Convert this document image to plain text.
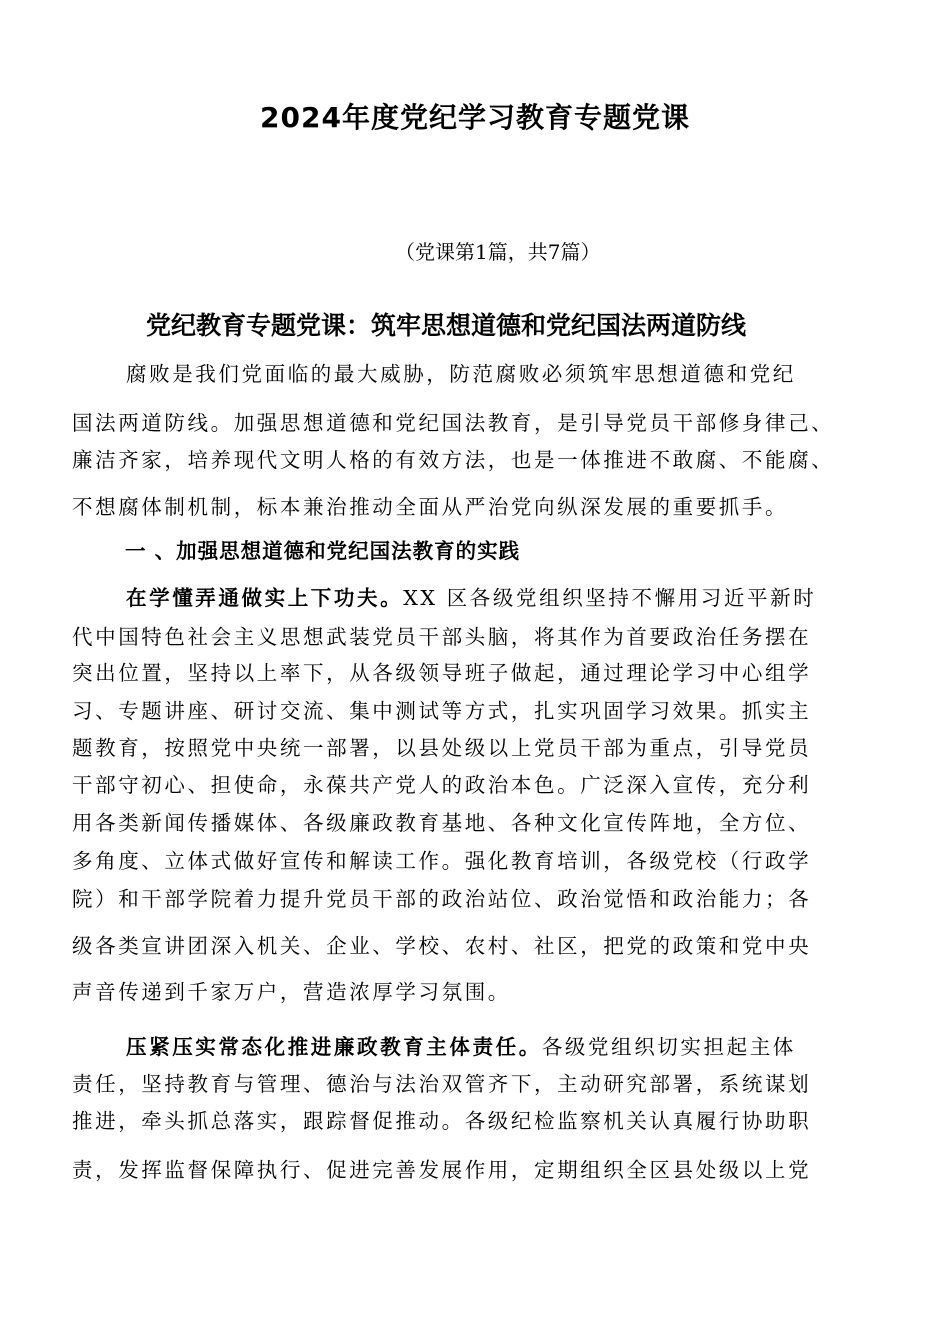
2024年度党纪学习教育专题党课
（党课第1篇，共7篇）
党纪教育专题党课：筑牢思想道德和党纪国法两道防线
腐败是我们党面临的最大威胁，防范腐败必须筑牢思想道德和党纪
国法两道防线。加强思想道德和党纪国法教育，是引导党员干部修身律己、
廉洁齐家，培养现代文明人格的有效方法，也是一体推进不敢腐、不能腐、
不想腐体制机制，标本兼治推动全面从严治党向纵深发展的重要抓手。
一 、加强思想道德和党纪国法教育的实践
在学懂弄通做实上下功夫。XX 区各级党组织坚持不懈用习近平新时
代中国特色社会主义思想武装党员干部头脑，将其作为首要政治任务摆在
突出位置，坚持以上率下，从各级领导班子做起，通过理论学习中心组学
习、专题讲座、研讨交流、集中测试等方式，扎实巩固学习效果。抓实主
题教育，按照党中央统一部署，以县处级以上党员干部为重点，引导党员
干部守初心、担使命，永葆共产党人的政治本色。广泛深入宣传，充分利
用各类新闻传播媒体、各级廉政教育基地、各种文化宣传阵地，全方位、
多角度、立体式做好宣传和解读工作。强化教育培训，各级党校（行政学
院）和干部学院着力提升党员干部的政治站位、政治觉悟和政治能力；各
级各类宣讲团深入机关、企业、学校、农村、社区，把党的政策和党中央
声音传递到千家万户，营造浓厚学习氛围。
压紧压实常态化推进廉政教育主体责任。各级党组织切实担起主体
责任，坚持教育与管理、德治与法治双管齐下，主动研究部署，系统谋划
推进，牵头抓总落实，跟踪督促推动。各级纪检监察机关认真履行协助职
责，发挥监督保障执行、促进完善发展作用，定期组织全区县处级以上党
